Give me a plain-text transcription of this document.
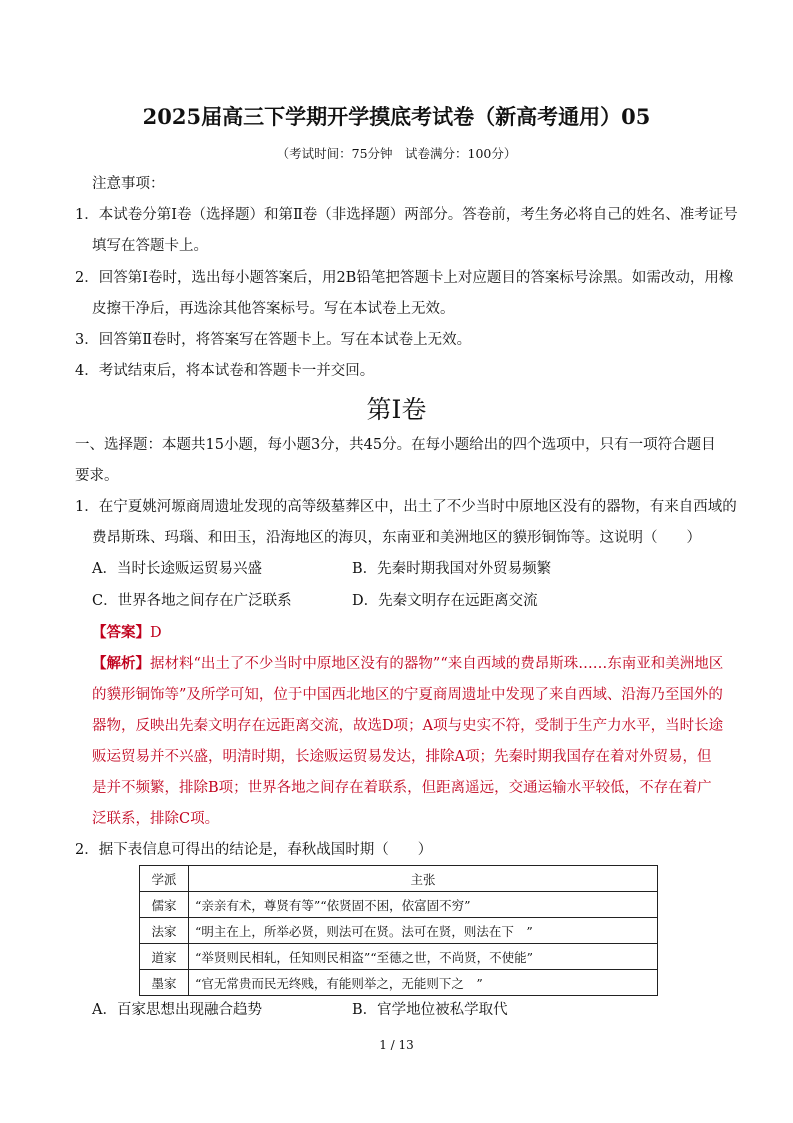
2025届高三下学期开学摸底考试卷（新高考通用）05
（考试时间：75分钟　试卷满分：100分）
注意事项：
1．本试卷分第Ⅰ卷（选择题）和第Ⅱ卷（非选择题）两部分。答卷前，考生务必将自己的姓名、准考证号
填写在答题卡上。
2．回答第Ⅰ卷时，选出每小题答案后，用2B铅笔把答题卡上对应题目的答案标号涂黑。如需改动，用橡
皮擦干净后，再选涂其他答案标号。写在本试卷上无效。
3．回答第Ⅱ卷时，将答案写在答题卡上。写在本试卷上无效。
4．考试结束后，将本试卷和答题卡一并交回。
第Ⅰ卷
一、选择题：本题共15小题，每小题3分，共45分。在每小题给出的四个选项中，只有一项符合题目要求。
1．在宁夏姚河塬商周遗址发现的高等级墓葬区中，出土了不少当时中原地区没有的器物，有来自西域的费昂斯珠、玛瑙、和田玉，沿海地区的海贝，东南亚和美洲地区的貘形铜饰等。这说明（　　）
A．当时长途贩运贸易兴盛	B．先秦时期我国对外贸易频繁
C．世界各地之间存在广泛联系	D．先秦文明存在远距离交流
【答案】D
【解析】据材料“出土了不少当时中原地区没有的器物”“来自西域的费昂斯珠……东南亚和美洲地区的貘形铜饰等”及所学可知，位于中国西北地区的宁夏商周遗址中发现了来自西域、沿海乃至国外的器物，反映出先秦文明存在远距离交流，故选D项；A项与史实不符，受制于生产力水平，当时长途贩运贸易并不兴盛，明清时期，长途贩运贸易发达，排除A项；先秦时期我国存在着对外贸易，但是并不频繁，排除B项；世界各地之间存在着联系，但距离遥远，交通运输水平较低，不存在着广泛联系，排除C项。
2．据下表信息可得出的结论是，春秋战国时期（　　）
学派	主张
儒家	“亲亲有术，尊贤有等”“依贤固不困，依富固不穷”
法家	“明主在上，所举必贤，则法可在贤。法可在贤，则法在下　”
道家	“举贤则民相轧，任知则民相盗”“至德之世，不尚贤，不使能”
墨家	“官无常贵而民无终贱，有能则举之，无能则下之　”
A．百家思想出现融合趋势	B．官学地位被私学取代
1 / 13
